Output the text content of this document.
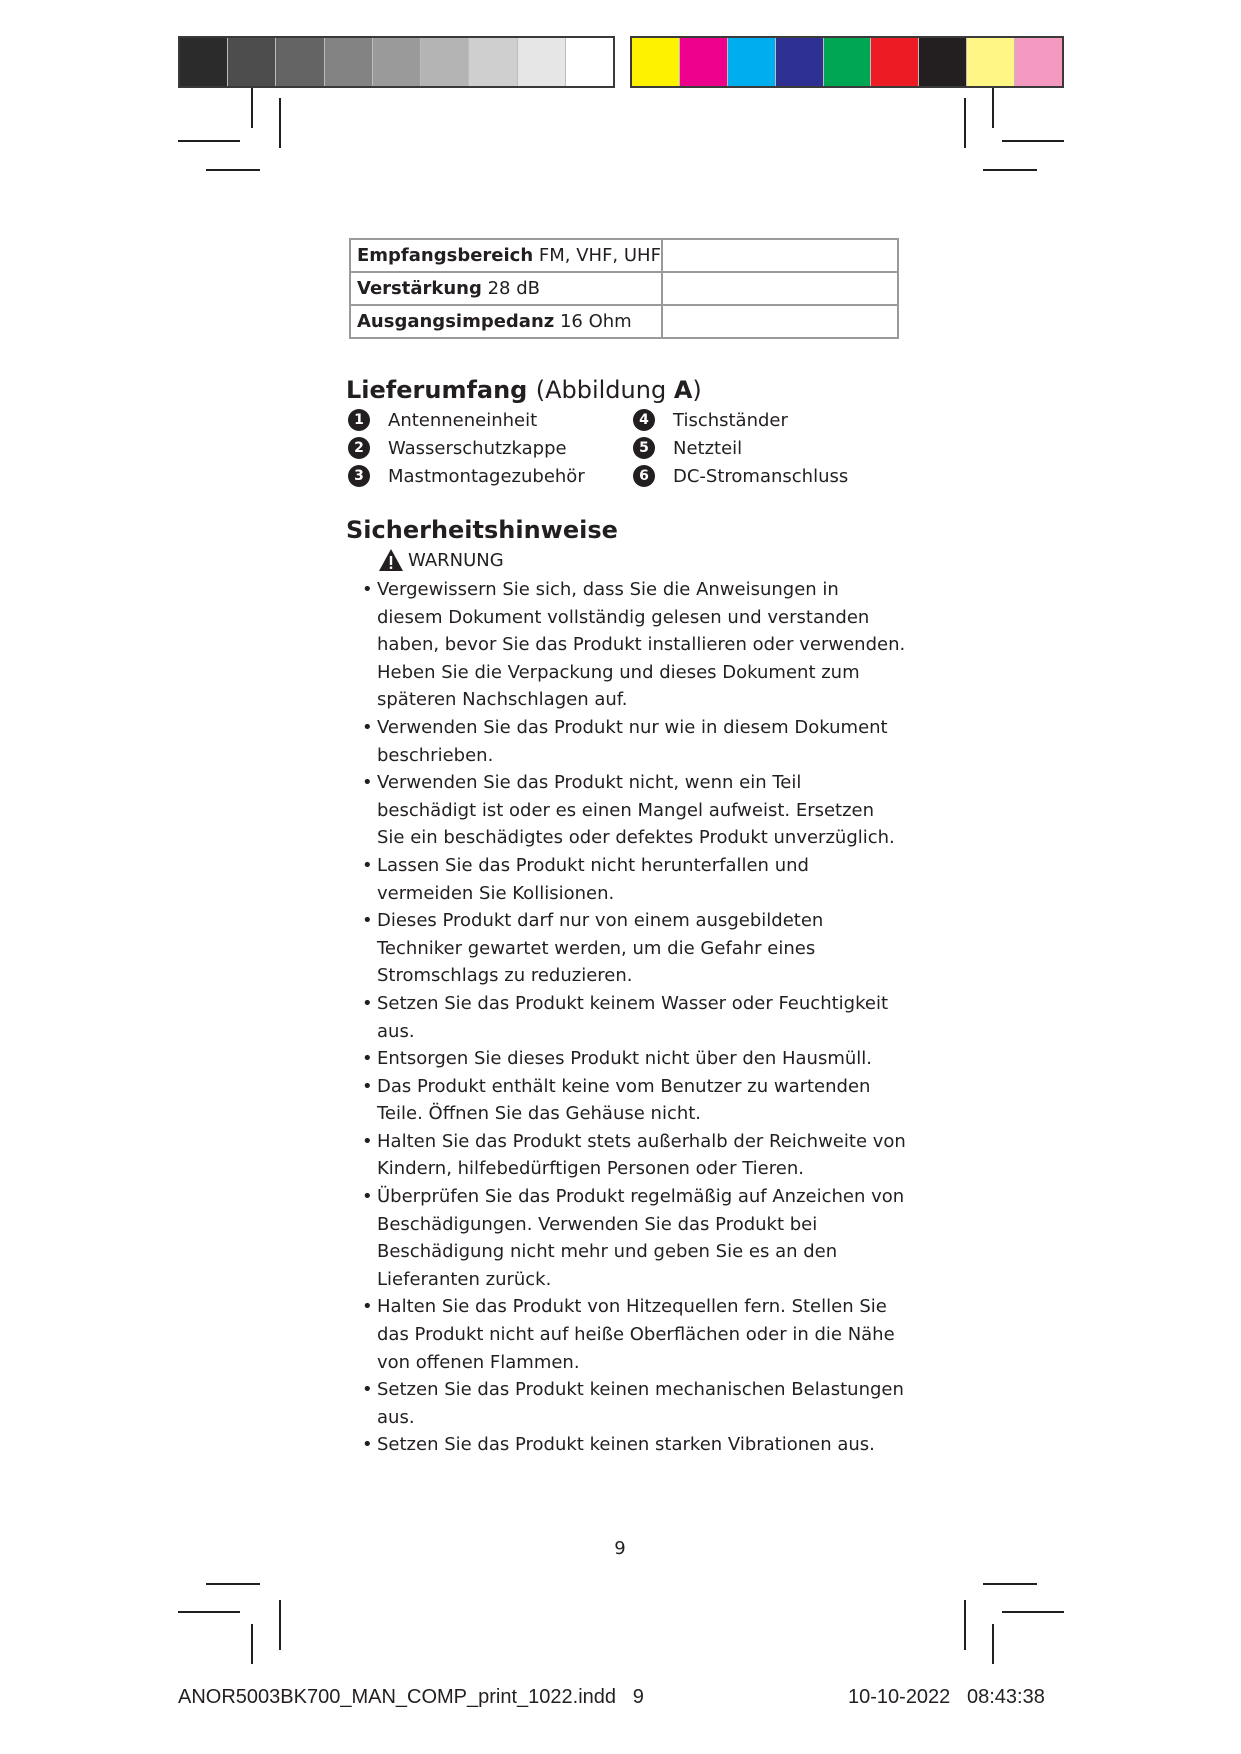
Empfangsbereich FM, VHF, UHF	
Verstärkung 28 dB	
Ausgangsimpedanz 16 Ohm	
Lieferumfang (Abbildung A)
1	Antenneneinheit
2	Wasserschutzkappe
3	Mastmontagezubehör
4	Tischständer
5	Netzteil
6	DC-Stromanschluss
Sicherheitshinweise
WARNUNG
• Vergewissern Sie sich, dass Sie die Anweisungen in diesem Dokument vollständig gelesen und verstanden haben, bevor Sie das Produkt installieren oder verwenden. Heben Sie die Verpackung und dieses Dokument zum späteren Nachschlagen auf.
• Verwenden Sie das Produkt nur wie in diesem Dokument beschrieben.
• Verwenden Sie das Produkt nicht, wenn ein Teil beschädigt ist oder es einen Mangel aufweist. Ersetzen Sie ein beschädigtes oder defektes Produkt unverzüglich.
• Lassen Sie das Produkt nicht herunterfallen und vermeiden Sie Kollisionen.
• Dieses Produkt darf nur von einem ausgebildeten Techniker gewartet werden, um die Gefahr eines Stromschlags zu reduzieren.
• Setzen Sie das Produkt keinem Wasser oder Feuchtigkeit aus.
• Entsorgen Sie dieses Produkt nicht über den Hausmüll.
• Das Produkt enthält keine vom Benutzer zu wartenden Teile. Öffnen Sie das Gehäuse nicht.
• Halten Sie das Produkt stets außerhalb der Reichweite von Kindern, hilfebedürftigen Personen oder Tieren.
• Überprüfen Sie das Produkt regelmäßig auf Anzeichen von Beschädigungen. Verwenden Sie das Produkt bei Beschädigung nicht mehr und geben Sie es an den Lieferanten zurück.
• Halten Sie das Produkt von Hitzequellen fern. Stellen Sie das Produkt nicht auf heiße Oberflächen oder in die Nähe von offenen Flammen.
• Setzen Sie das Produkt keinen mechanischen Belastungen aus.
• Setzen Sie das Produkt keinen starken Vibrationen aus.
9
ANOR5003BK700_MAN_COMP_print_1022.indd   9	10-10-2022   08:43:38
